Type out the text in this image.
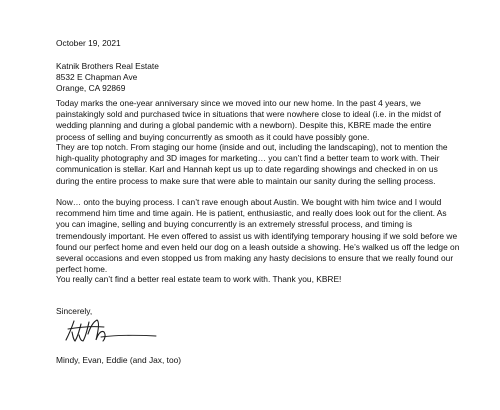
October 19, 2021
Katnik Brothers Real Estate
8532 E Chapman Ave
Orange, CA 92869

Today marks the one-year anniversary since we moved into our new home. In the past 4 years, we painstakingly sold and purchased twice in situations that were nowhere close to ideal (i.e. in the midst of wedding planning and during a global pandemic with a newborn). Despite this, KBRE made the entire process of selling and buying concurrently as smooth as it could have possibly gone.

They are top notch. From staging our home (inside and out, including the landscaping), not to mention the high-quality photography and 3D images for marketing… you can’t find a better team to work with. Their communication is stellar. Karl and Hannah kept us up to date regarding showings and checked in on us during the entire process to make sure that were able to maintain our sanity during the selling process.

Now… onto the buying process. I can’t rave enough about Austin. We bought with him twice and I would recommend him time and time again. He is patient, enthusiastic, and really does look out for the client. As you can imagine, selling and buying concurrently is an extremely stressful process, and timing is tremendously important. He even offered to assist us with identifying temporary housing if we sold before we found our perfect home and even held our dog on a leash outside a showing. He’s walked us off the ledge on several occasions and even stopped us from making any hasty decisions to ensure that we really found our perfect home.

You really can’t find a better real estate team to work with. Thank you, KBRE!

Sincerely,
Mindy, Evan, Eddie (and Jax, too)
